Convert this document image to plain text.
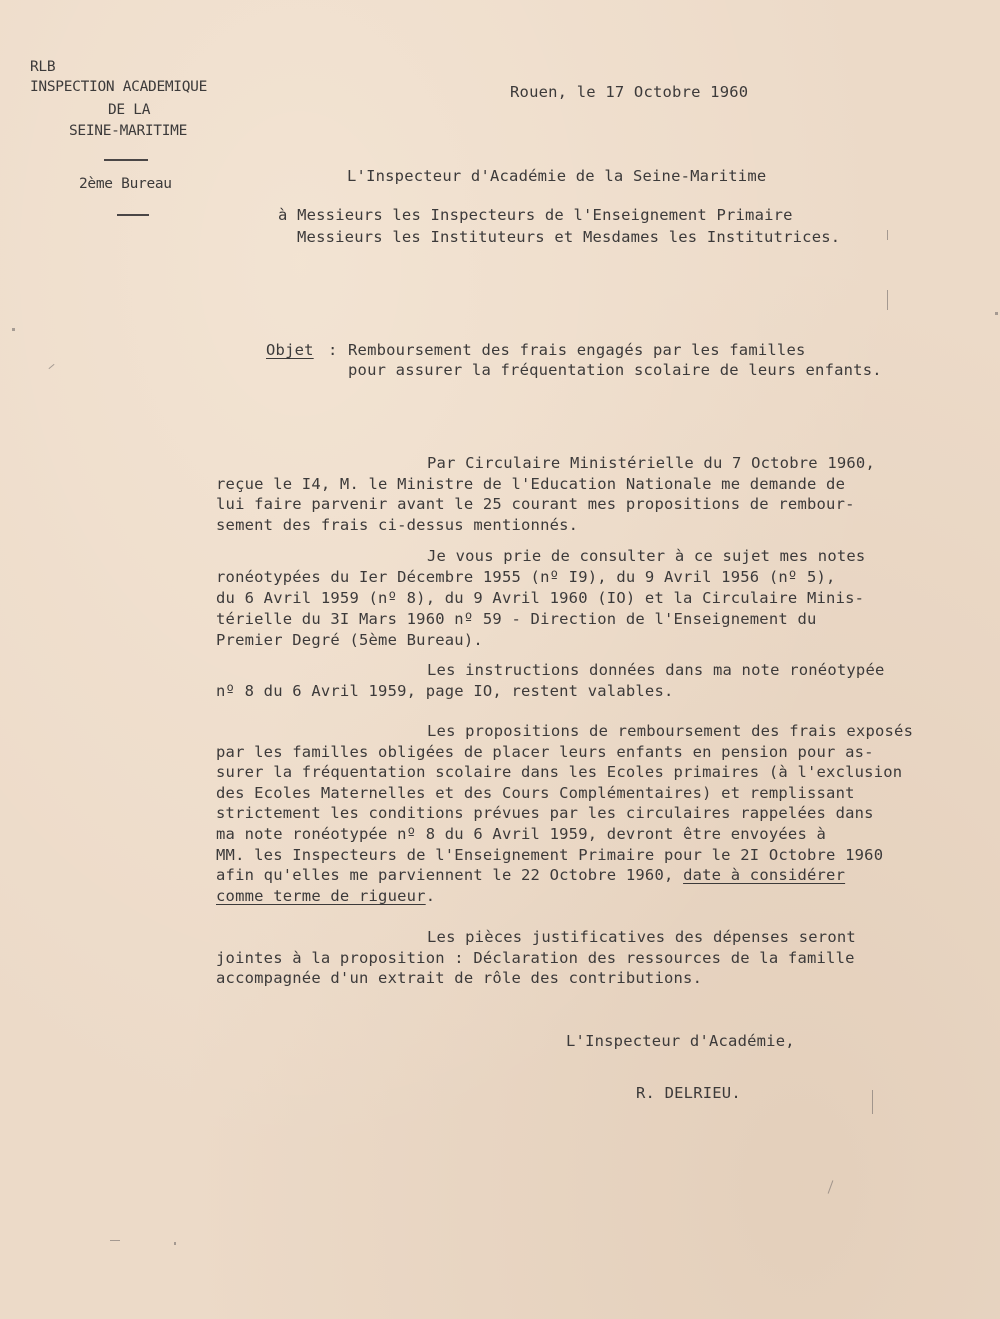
RLB
INSPECTION ACADEMIQUE
DE LA
SEINE-MARITIME
2ème Bureau
Rouen, le 17 Octobre 1960
L'Inspecteur d'Académie de la Seine-Maritime
à Messieurs les Inspecteurs de l'Enseignement Primaire
Messieurs les Instituteurs et Mesdames les Institutrices.
Objet : Remboursement des frais engagés par les familles
pour assurer la fréquentation scolaire de leurs enfants.
Par Circulaire Ministérielle du 7 Octobre 1960,
reçue le I4, M. le Ministre de l'Education Nationale me demande de
lui faire parvenir avant le 25 courant mes propositions de rembour-
sement des frais ci-dessus mentionnés.
Je vous prie de consulter à ce sujet mes notes
ronéotypées du Ier Décembre 1955 (nº I9), du 9 Avril 1956 (nº 5),
du 6 Avril 1959 (nº 8), du 9 Avril 1960 (IO) et la Circulaire Minis-
térielle du 3I Mars 1960 nº 59 - Direction de l'Enseignement du
Premier Degré (5ème Bureau).
Les instructions données dans ma note ronéotypée
nº 8 du 6 Avril 1959, page IO, restent valables.
Les propositions de remboursement des frais exposés
par les familles obligées de placer leurs enfants en pension pour as-
surer la fréquentation scolaire dans les Ecoles primaires (à l'exclusion
des Ecoles Maternelles et des Cours Complémentaires) et remplissant
strictement les conditions prévues par les circulaires rappelées dans
ma note ronéotypée nº 8 du 6 Avril 1959, devront être envoyées à
MM. les Inspecteurs de l'Enseignement Primaire pour le 2I Octobre 1960
afin qu'elles me parviennent le 22 Octobre 1960, date à considérer
comme terme de rigueur.
Les pièces justificatives des dépenses seront
jointes à la proposition : Déclaration des ressources de la famille
accompagnée d'un extrait de rôle des contributions.
L'Inspecteur d'Académie,
R. DELRIEU.
